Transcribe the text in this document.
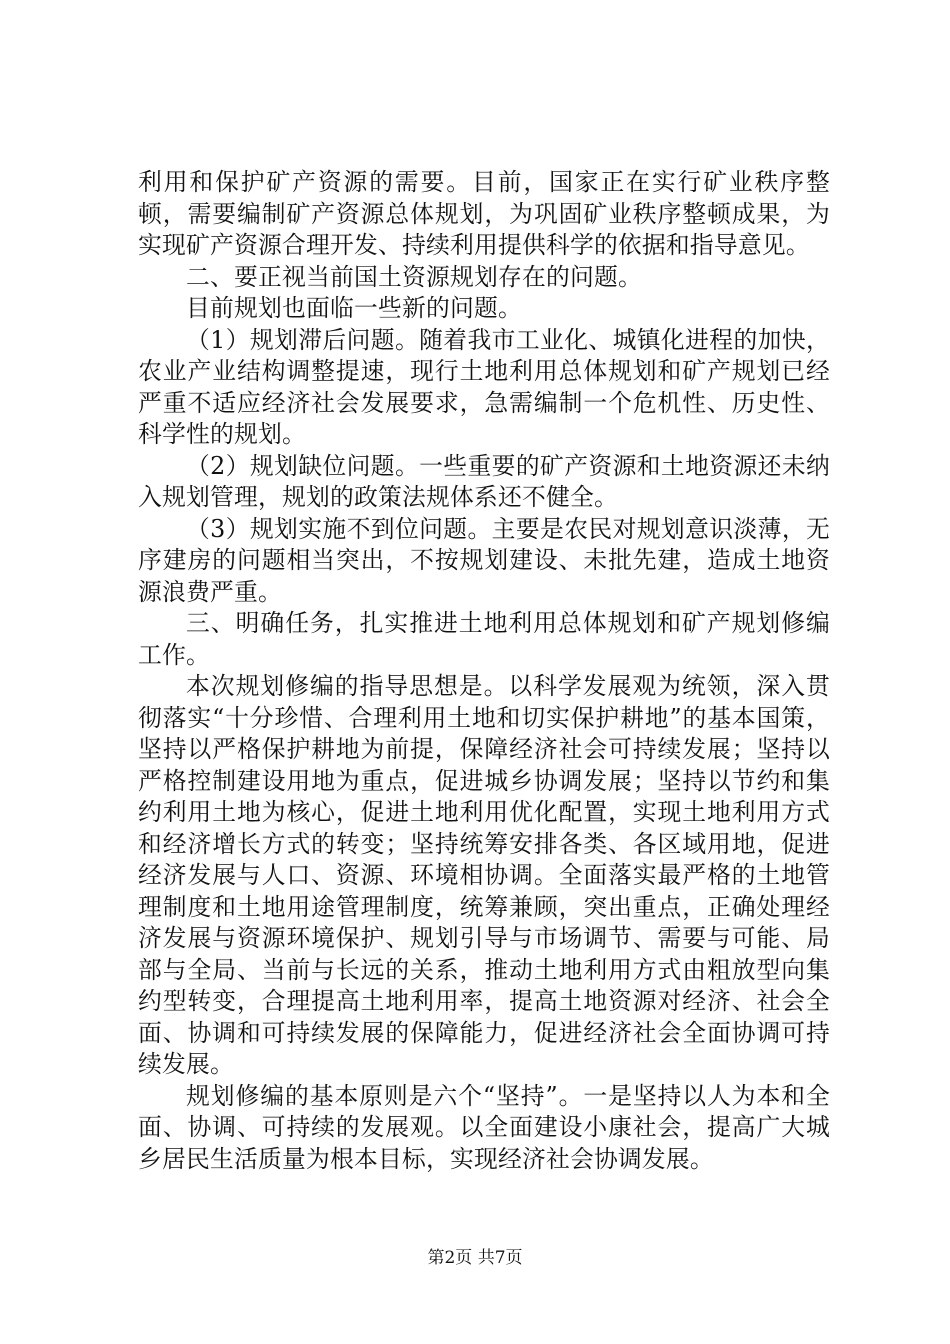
利用和保护矿产资源的需要。目前，国家正在实行矿业秩序整顿，需要编制矿产资源总体规划，为巩固矿业秩序整顿成果，为实现矿产资源合理开发、持续利用提供科学的依据和指导意见。

二、要正视当前国土资源规划存在的问题。

目前规划也面临一些新的问题。

（1）规划滞后问题。随着我市工业化、城镇化进程的加快，农业产业结构调整提速，现行土地利用总体规划和矿产规划已经严重不适应经济社会发展要求，急需编制一个危机性、历史性、科学性的规划。

（2）规划缺位问题。一些重要的矿产资源和土地资源还未纳入规划管理，规划的政策法规体系还不健全。

（3）规划实施不到位问题。主要是农民对规划意识淡薄，无序建房的问题相当突出，不按规划建设、未批先建，造成土地资源浪费严重。

三、明确任务，扎实推进土地利用总体规划和矿产规划修编工作。

本次规划修编的指导思想是。以科学发展观为统领，深入贯彻落实“十分珍惜、合理利用土地和切实保护耕地”的基本国策，坚持以严格保护耕地为前提，保障经济社会可持续发展；坚持以严格控制建设用地为重点，促进城乡协调发展；坚持以节约和集约利用土地为核心，促进土地利用优化配置，实现土地利用方式和经济增长方式的转变；坚持统筹安排各类、各区域用地，促进经济发展与人口、资源、环境相协调。全面落实最严格的土地管理制度和土地用途管理制度，统筹兼顾，突出重点，正确处理经济发展与资源环境保护、规划引导与市场调节、需要与可能、局部与全局、当前与长远的关系，推动土地利用方式由粗放型向集约型转变，合理提高土地利用率，提高土地资源对经济、社会全面、协调和可持续发展的保障能力，促进经济社会全面协调可持续发展。

规划修编的基本原则是六个“坚持”。一是坚持以人为本和全面、协调、可持续的发展观。以全面建设小康社会，提高广大城乡居民生活质量为根本目标，实现经济社会协调发展。

第2页 共7页
